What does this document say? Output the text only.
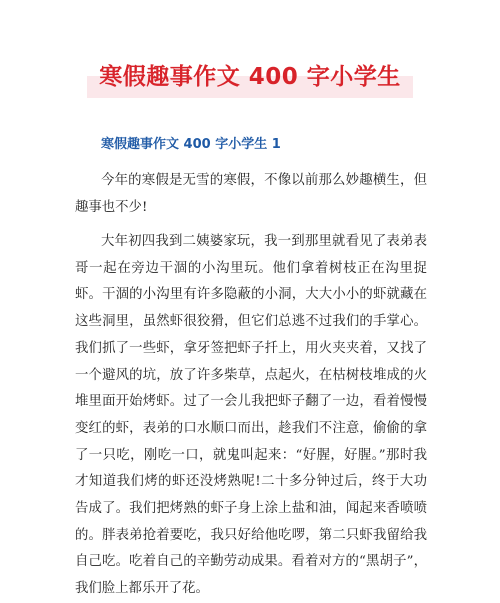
寒假趣事作文 400 字小学生
寒假趣事作文 400 字小学生 1

今年的寒假是无雪的寒假，不像以前那么妙趣横生，但趣事也不少!

大年初四我到二姨婆家玩，我一到那里就看见了表弟表哥一起在旁边干涸的小沟里玩。他们拿着树枝正在沟里捉虾。干涸的小沟里有许多隐蔽的小洞，大大小小的虾就藏在这些洞里，虽然虾很狡猾，但它们总逃不过我们的手掌心。我们抓了一些虾，拿牙签把虾子扦上，用火夹夹着，又找了一个避风的坑，放了许多柴草，点起火，在枯树枝堆成的火堆里面开始烤虾。过了一会儿我把虾子翻了一边，看着慢慢变红的虾，表弟的口水顺口而出，趁我们不注意，偷偷的拿了一只吃，刚吃一口，就鬼叫起来：“好腥，好腥。”那时我才知道我们烤的虾还没烤熟呢!二十多分钟过后，终于大功告成了。我们把烤熟的虾子身上涂上盐和油，闻起来香喷喷的。胖表弟抢着要吃，我只好给他吃啰，第二只虾我留给我自己吃。吃着自己的辛勤劳动成果。看着对方的“黑胡子”，我们脸上都乐开了花。
